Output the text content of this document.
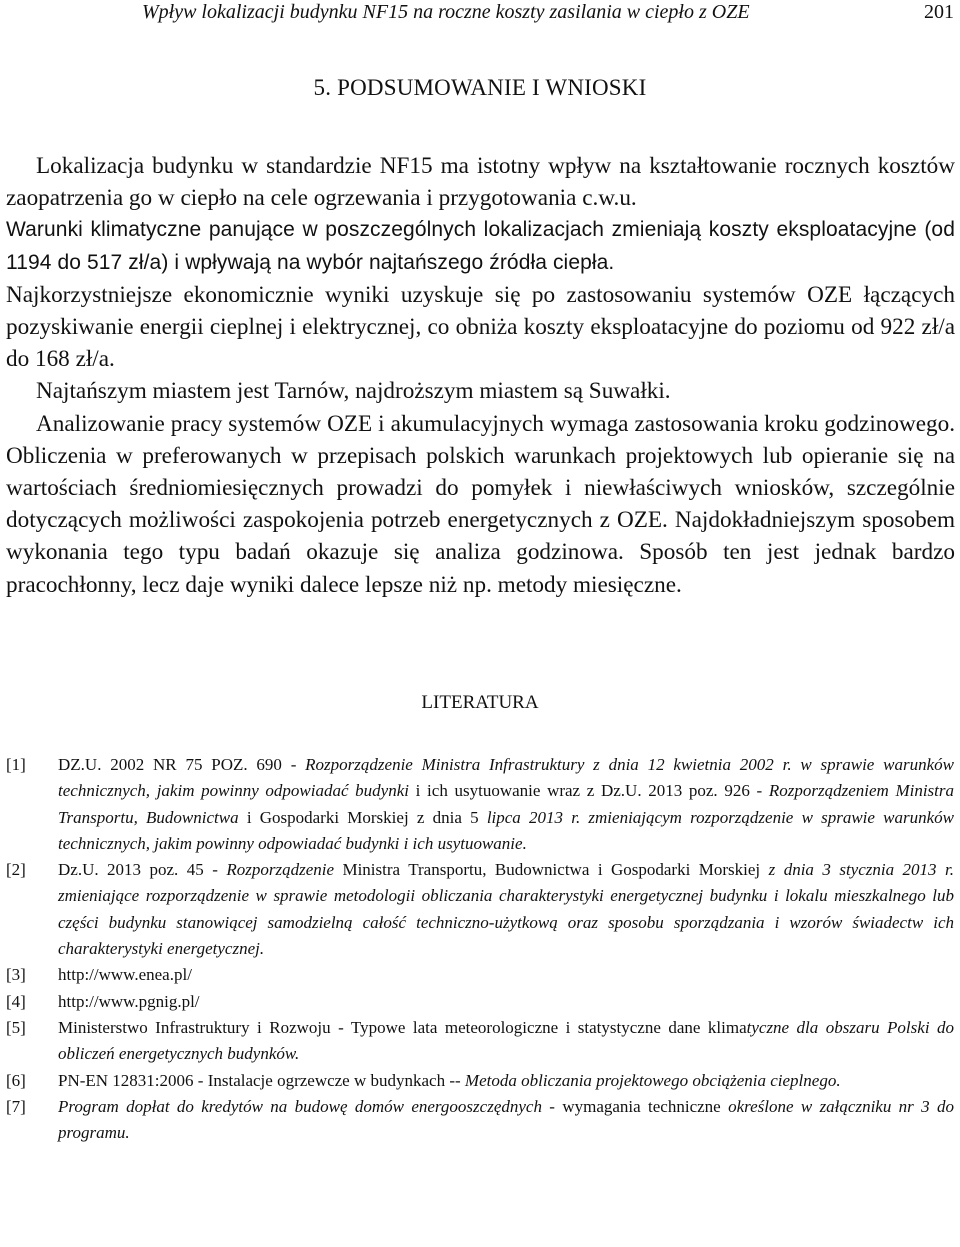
Wpływ lokalizacji budynku NF15 na roczne koszty zasilania w ciepło z OZE	201
5. PODSUMOWANIE I WNIOSKI

Lokalizacja budynku w standardzie NF15 ma istotny wpływ na kształtowanie rocznych kosztów zaopatrzenia go w ciepło na cele ogrzewania i przygotowania c.w.u.

Warunki klimatyczne panujące w poszczególnych lokalizacjach zmieniają koszty eksploatacyjne (od 1194 do 517 zł/a) i wpływają na wybór najtańszego źródła ciepła.

Najkorzystniejsze ekonomicznie wyniki uzyskuje się po zastosowaniu systemów OZE łączących pozyskiwanie energii cieplnej i elektrycznej, co obniża koszty eksploatacyjne do poziomu od 922 zł/a do 168 zł/a.

Najtańszym miastem jest Tarnów, najdroższym miastem są Suwałki.

Analizowanie pracy systemów OZE i akumulacyjnych wymaga zastosowania kroku godzinowego. Obliczenia w preferowanych w przepisach polskich warunkach projektowych lub opieranie się na wartościach średniomiesięcznych prowadzi do pomyłek i niewłaściwych wniosków, szczególnie dotyczących możliwości zaspokojenia potrzeb energetycznych z OZE. Najdokładniejszym sposobem wykonania tego typu badań okazuje się analiza godzinowa. Sposób ten jest jednak bardzo pracochłonny, lecz daje wyniki dalece lepsze niż np. metody miesięczne.

LITERATURA
[1]	DZ.U. 2002 NR 75 POZ. 690 - Rozporządzenie Ministra Infrastruktury z dnia 12 kwietnia 2002 r. w sprawie warunków technicznych, jakim powinny odpowiadać budynki i ich usytuowanie wraz z Dz.U. 2013 poz. 926 - Rozporządzeniem Ministra Transportu, Budownictwa i Gospodarki Morskiej z dnia 5 lipca 2013 r. zmieniającym rozporządzenie w sprawie warunków technicznych, jakim powinny odpowiadać budynki i ich usytuowanie.
[2]	Dz.U. 2013 poz. 45 - Rozporządzenie Ministra Transportu, Budownictwa i Gospodarki Morskiej z dnia 3 stycznia 2013 r. zmieniające rozporządzenie w sprawie metodologii obliczania charakterystyki energetycznej budynku i lokalu mieszkalnego lub części budynku stanowiącej samodzielną całość techniczno-użytkową oraz sposobu sporządzania i wzorów świadectw ich charakterystyki energetycznej.
[3]	http://www.enea.pl/
[4]	http://www.pgnig.pl/
[5]	Ministerstwo Infrastruktury i Rozwoju - Typowe lata meteorologiczne i statystyczne dane klimatyczne dla obszaru Polski do obliczeń energetycznych budynków.
[6]	PN-EN 12831:2006 - Instalacje ogrzewcze w budynkach -- Metoda obliczania projektowego obciążenia cieplnego.
[7]	Program dopłat do kredytów na budowę domów energooszczędnych - wymagania techniczne określone w załączniku nr 3 do programu.
